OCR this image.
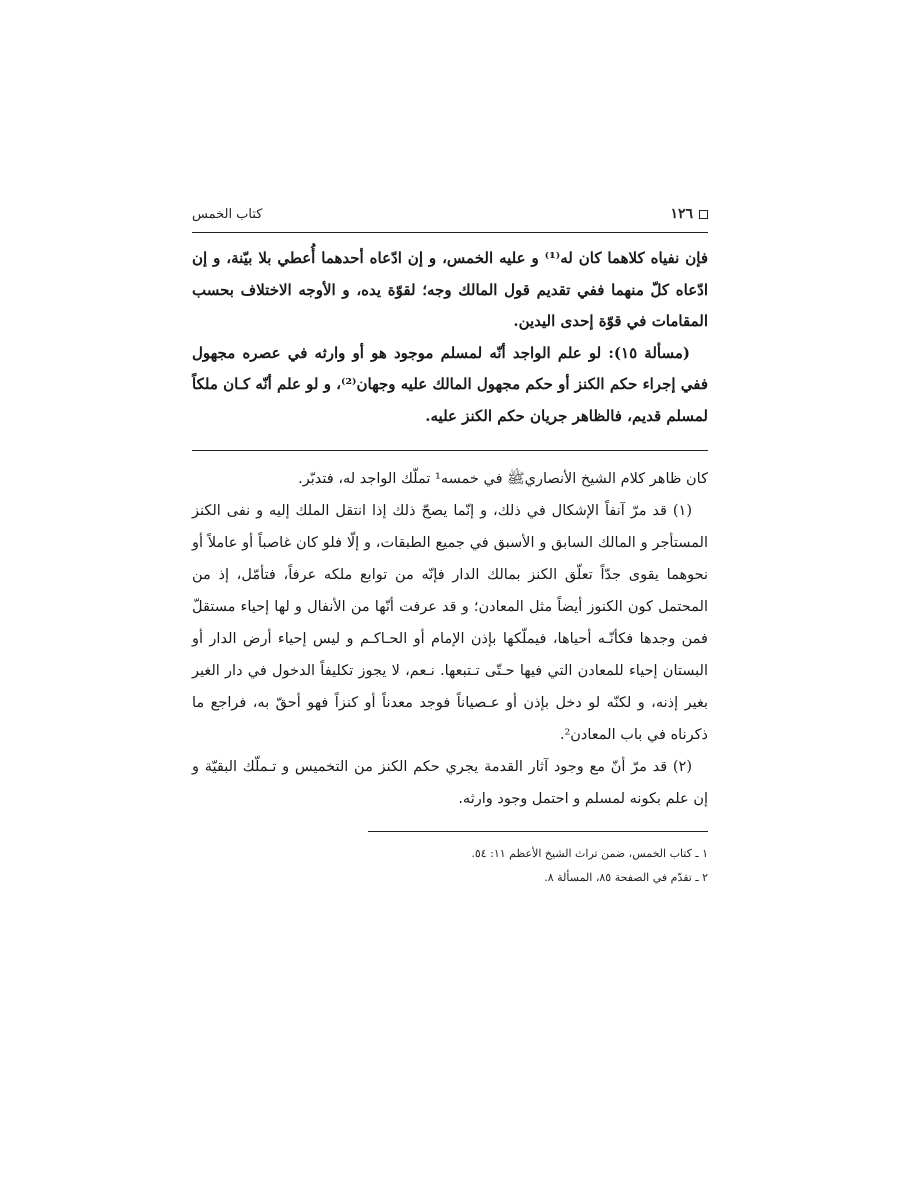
١٢٦
كتاب الخمس

فإن نفياه كلاهما كان له⁽¹⁾ و عليه الخمس، و إن ادّعاه أحدهما أُعطي بلا بيّنة، و إن ادّعاه كلّ منهما ففي تقديم قول المالك وجه؛ لقوّة يده، و الأوجه الاختلاف بحسب المقامات في قوّة إحدى اليدين.

(مسألة ١٥): لو علم الواجد أنّه لمسلم موجود هو أو وارثه في عصره مجهول ففي إجراء حكم الكنز أو حكم مجهول المالك عليه وجهان⁽²⁾، و لو علم أنّه كـان ملكاً لمسلم قديم، فالظاهر جريان حكم الكنز عليه.

كان ظاهر كلام الشيخ الأنصاريﷺ في خمسه¹ تملّك الواجد له، فتدبّر.

(١) قد مرّ آنفاً الإشكال في ذلك، و إنّما يصحّ ذلك إذا انتقل الملك إليه و نفى الكنز المستأجر و المالك السابق و الأسبق في جميع الطبقات، و إلّا فلو كان غاصباً أو عاملاً أو نحوهما يقوى جدّاً تعلّق الكنز بمالك الدار فإنّه من توابع ملكه عرفاً، فتأمّل، إذ من المحتمل كون الكنوز أيضاً مثل المعادن؛ و قد عرفت أنّها من الأنفال و لها إحياء مستقلّ فمن وجدها فكأنّـه أحياها، فيملّكها بإذن الإمام أو الحـاكـم و ليس إحياء أرض الدار أو البستان إحياء للمعادن التي فيها حـتّى تـتبعها. نـعم، لا يجوز تكليفاً الدخول في دار الغير بغير إذنه، و لكنّه لو دخل بإذن أو عـصياناً فوجد معدناً أو كنزاً فهو أحقّ به، فراجع ما ذكرناه في باب المعادن².

(٢) قد مرّ أنّ مع وجود آثار القدمة يجري حكم الكنز من التخميس و تـملّك البقيّة و إن علم بكونه لمسلم و احتمل وجود وارثه.

١ ـ كتاب الخمس، ضمن تراث الشيخ الأعظم ١١: ٥٤.

٢ ـ تقدّم في الصفحة ٨٥، المسألة ٨.
